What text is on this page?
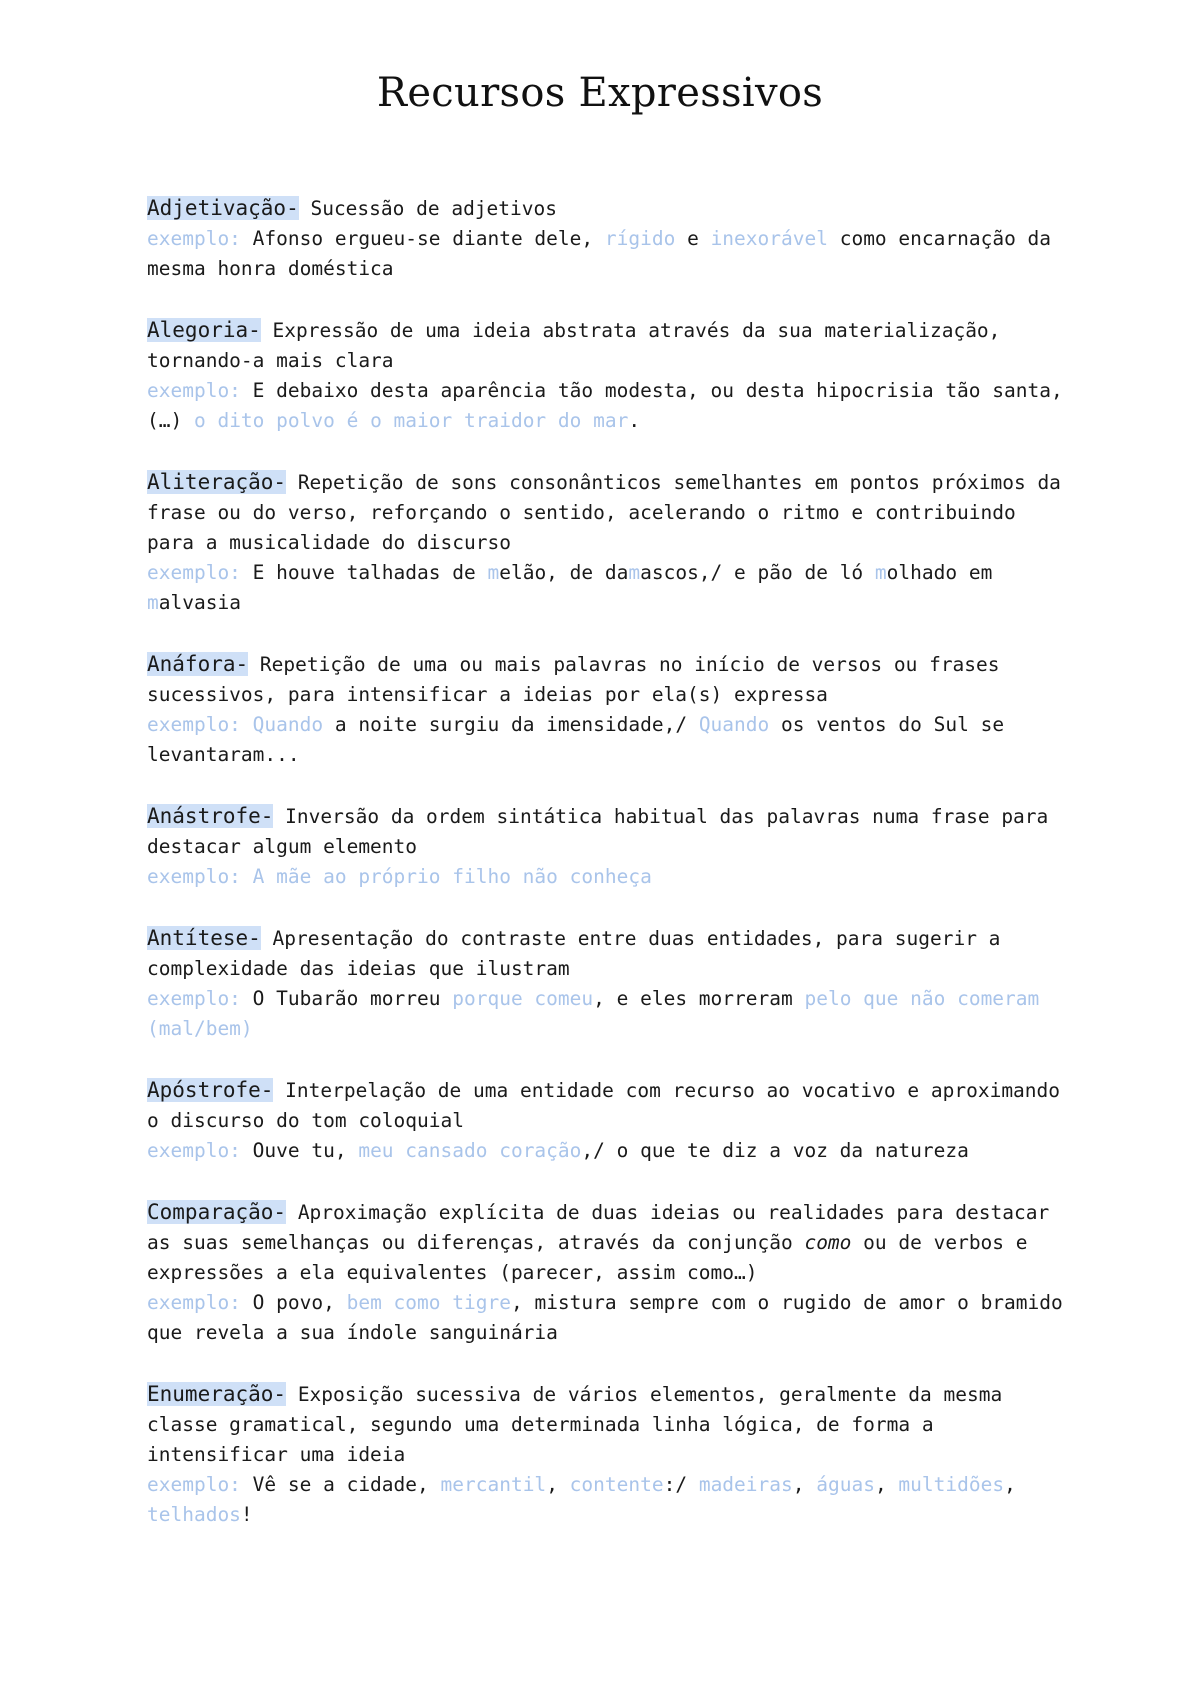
Recursos Expressivos

Adjetivação- Sucessão de adjetivos

exemplo: Afonso ergueu-se diante dele, rígido e inexorável como encarnação da mesma honra doméstica

Alegoria- Expressão de uma ideia abstrata através da sua materialização, tornando-a mais clara

exemplo: E debaixo desta aparência tão modesta, ou desta hipocrisia tão santa, (…) o dito polvo é o maior traidor do mar.

Aliteração- Repetição de sons consonânticos semelhantes em pontos próximos da frase ou do verso, reforçando o sentido, acelerando o ritmo e contribuindo para a musicalidade do discurso

exemplo: E houve talhadas de melão, de damascos,/ e pão de ló molhado em malvasia

Anáfora- Repetição de uma ou mais palavras no início de versos ou frases sucessivos, para intensificar a ideias por ela(s) expressa

exemplo: Quando a noite surgiu da imensidade,/ Quando os ventos do Sul se levantaram...

Anástrofe- Inversão da ordem sintática habitual das palavras numa frase para destacar algum elemento

exemplo: A mãe ao próprio filho não conheça

Antítese- Apresentação do contraste entre duas entidades, para sugerir a complexidade das ideias que ilustram

exemplo: O Tubarão morreu porque comeu, e eles morreram pelo que não comeram (mal/bem)

Apóstrofe- Interpelação de uma entidade com recurso ao vocativo e aproximando o discurso do tom coloquial

exemplo: Ouve tu, meu cansado coração,/ o que te diz a voz da natureza

Comparação- Aproximação explícita de duas ideias ou realidades para destacar as suas semelhanças ou diferenças, através da conjunção como ou de verbos e expressões a ela equivalentes (parecer, assim como…)

exemplo: O povo, bem como tigre, mistura sempre com o rugido de amor o bramido que revela a sua índole sanguinária

Enumeração- Exposição sucessiva de vários elementos, geralmente da mesma classe gramatical, segundo uma determinada linha lógica, de forma a intensificar uma ideia

exemplo: Vê se a cidade, mercantil, contente:/ madeiras, águas, multidões, telhados!
